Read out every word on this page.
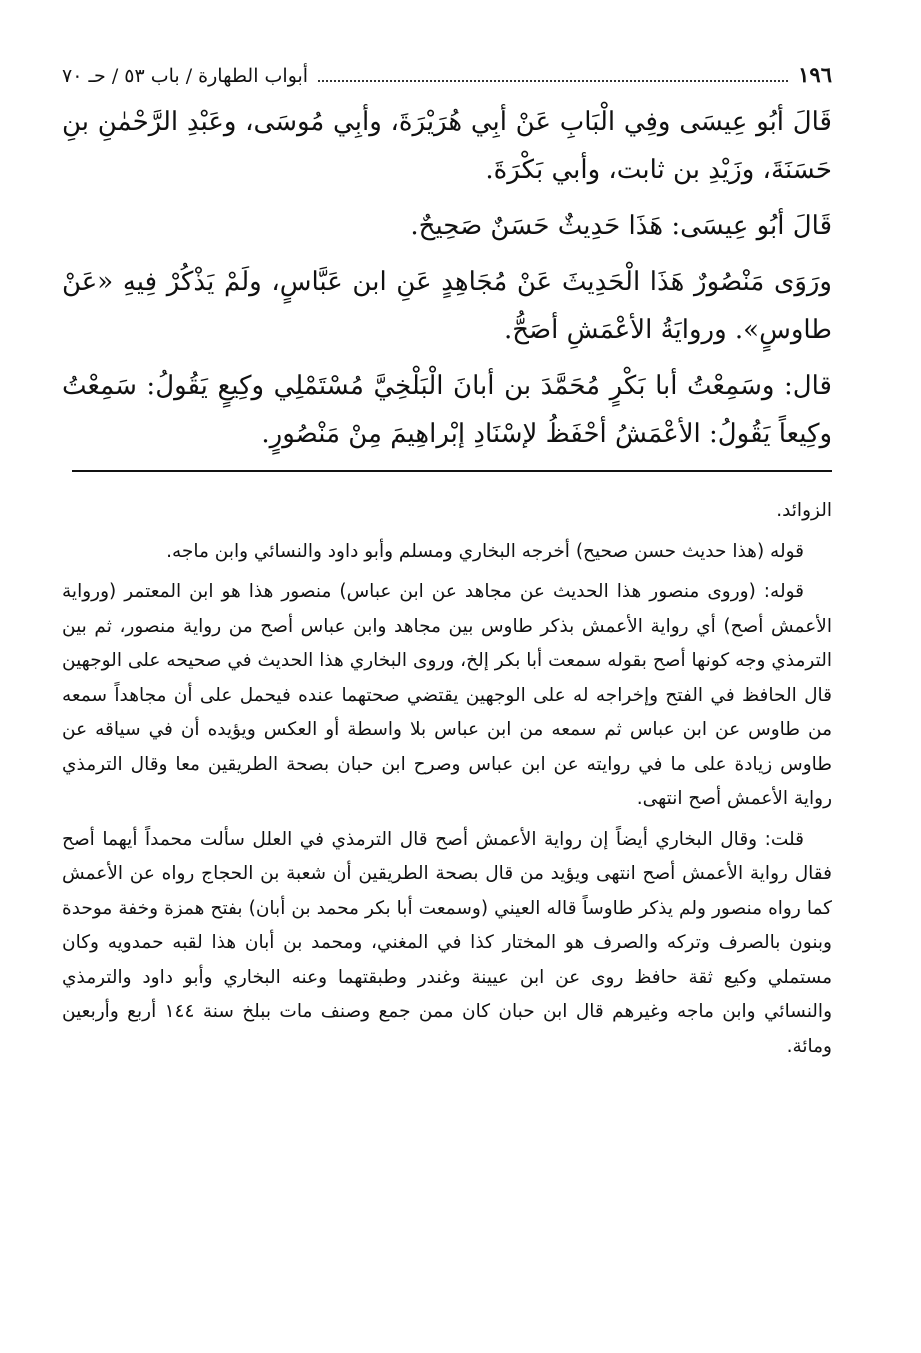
١٩٦
أبواب الطهارة / باب ٥٣ / حـ ٧٠

قَالَ أبُو عِيسَى وفِي الْبَابِ عَنْ أبِي هُرَيْرَةَ، وأبِي مُوسَى، وعَبْدِ الرَّحْمٰنِ بنِ حَسَنَةَ، وزَيْدِ بن ثابت، وأبي بَكْرَةَ.

قَالَ أبُو عِيسَى: هَذَا حَدِيثٌ حَسَنٌ صَحِيحٌ.

ورَوَى مَنْصُورٌ هَذَا الْحَدِيثَ عَنْ مُجَاهِدٍ عَنِ ابن عَبَّاسٍ، ولَمْ يَذْكُرْ فِيهِ «عَنْ طاوسٍ». وروايَةُ الأعْمَشِ أصَحُّ.

قال: وسَمِعْتُ أبا بَكْرٍ مُحَمَّدَ بن أبانَ الْبَلْخِيَّ مُسْتَمْلِي وكِيعٍ يَقُولُ: سَمِعْتُ وكِيعاً يَقُولُ: الأعْمَشُ أحْفَظُ لإسْنَادِ إبْراهِيمَ مِنْ مَنْصُورٍ.

الزوائد.

قوله (هذا حديث حسن صحيح) أخرجه البخاري ومسلم وأبو داود والنسائي وابن ماجه.

قوله: (وروى منصور هذا الحديث عن مجاهد عن ابن عباس) منصور هذا هو ابن المعتمر (ورواية الأعمش أصح) أي رواية الأعمش بذكر طاوس بين مجاهد وابن عباس أصح من رواية منصور، ثم بين الترمذي وجه كونها أصح بقوله سمعت أبا بكر إلخ، وروى البخاري هذا الحديث في صحيحه على الوجهين قال الحافظ في الفتح وإخراجه له على الوجهين يقتضي صحتهما عنده فيحمل على أن مجاهداً سمعه من طاوس عن ابن عباس ثم سمعه من ابن عباس بلا واسطة أو العكس ويؤيده أن في سياقه عن طاوس زيادة على ما في روايته عن ابن عباس وصرح ابن حبان بصحة الطريقين معا وقال الترمذي رواية الأعمش أصح انتهى.

قلت: وقال البخاري أيضاً إن رواية الأعمش أصح قال الترمذي في العلل سألت محمداً أيهما أصح فقال رواية الأعمش أصح انتهى ويؤيد من قال بصحة الطريقين أن شعبة بن الحجاج رواه عن الأعمش كما رواه منصور ولم يذكر طاوساً قاله العيني (وسمعت أبا بكر محمد بن أبان) بفتح همزة وخفة موحدة وبنون بالصرف وتركه والصرف هو المختار كذا في المغني، ومحمد بن أبان هذا لقبه حمدويه وكان مستملي وكيع ثقة حافظ روى عن ابن عيينة وغندر وطبقتهما وعنه البخاري وأبو داود والترمذي والنسائي وابن ماجه وغيرهم قال ابن حبان كان ممن جمع وصنف مات ببلخ سنة ١٤٤ أربع وأربعين ومائة.
